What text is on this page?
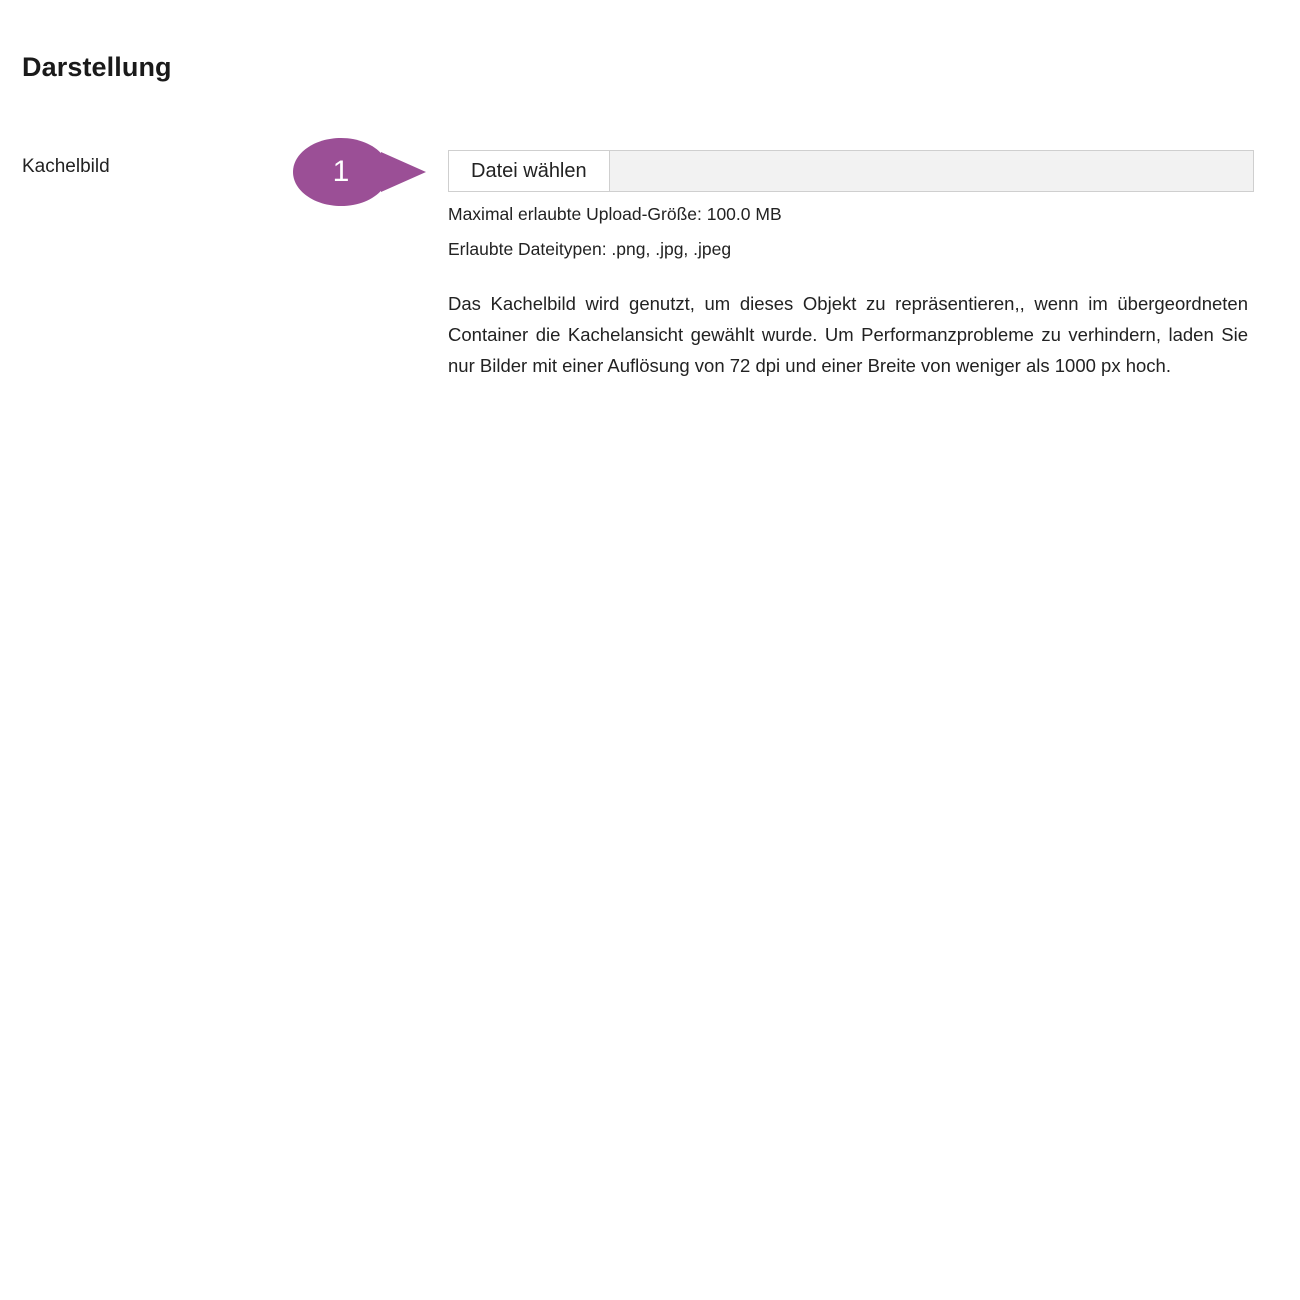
Darstellung
Kachelbild	1	Datei wählen
Maximal erlaubte Upload-Größe: 100.0 MB
Erlaubte Dateitypen: .png, .jpg, .jpeg
Das Kachelbild wird genutzt, um dieses Objekt zu repräsentieren,, wenn im übergeordneten Container die Kachelansicht gewählt wurde. Um Performanzprobleme zu verhindern, laden Sie nur Bilder mit einer Auflösung von 72 dpi und einer Breite von weniger als 1000 px hoch.
